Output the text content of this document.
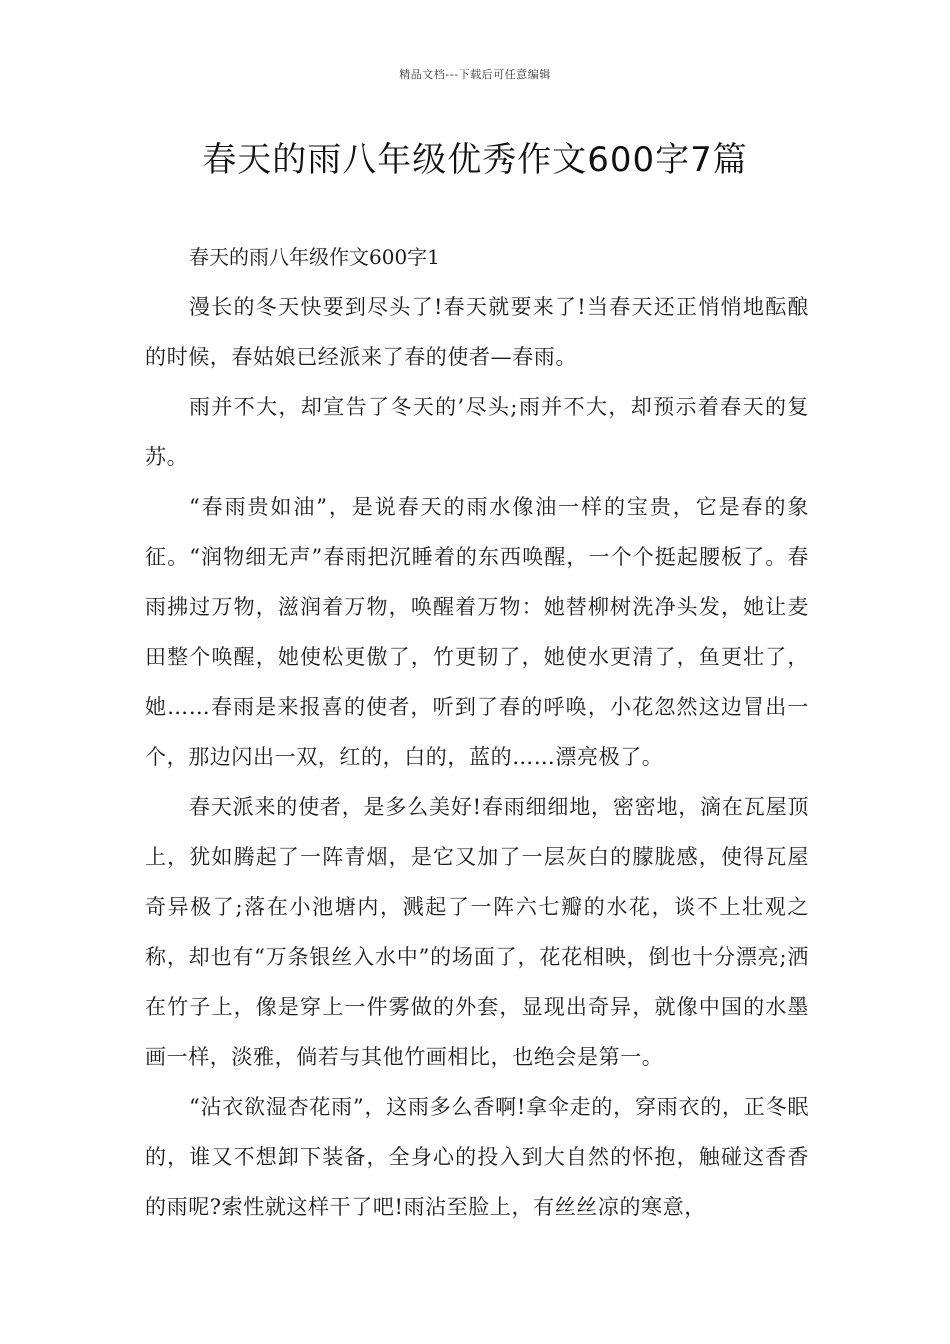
精品文档---下载后可任意编辑
春天的雨八年级优秀作文600字7篇

春天的雨八年级作文600字1

漫长的冬天快要到尽头了!春天就要来了!当春天还正悄悄地酝酿的时候，春姑娘已经派来了春的使者—春雨。

雨并不大，却宣告了冬天的’尽头;雨并不大，却预示着春天的复苏。

“春雨贵如油”，是说春天的雨水像油一样的宝贵，它是春的象征。“润物细无声”春雨把沉睡着的东西唤醒，一个个挺起腰板了。春雨拂过万物，滋润着万物，唤醒着万物：她替柳树洗净头发，她让麦田整个唤醒，她使松更傲了，竹更韧了，她使水更清了，鱼更壮了，她……春雨是来报喜的使者，听到了春的呼唤，小花忽然这边冒出一个，那边闪出一双，红的，白的，蓝的……漂亮极了。

春天派来的使者，是多么美好!春雨细细地，密密地，滴在瓦屋顶上，犹如腾起了一阵青烟，是它又加了一层灰白的朦胧感，使得瓦屋奇异极了;落在小池塘内，溅起了一阵六七瓣的水花，谈不上壮观之称，却也有“万条银丝入水中”的场面了，花花相映，倒也十分漂亮;洒在竹子上，像是穿上一件雾做的外套，显现出奇异，就像中国的水墨画一样，淡雅，倘若与其他竹画相比，也绝会是第一。

“沾衣欲湿杏花雨”，这雨多么香啊!拿伞走的，穿雨衣的，正冬眠的，谁又不想卸下装备，全身心的投入到大自然的怀抱，触碰这香香的雨呢?索性就这样干了吧!雨沾至脸上，有丝丝凉的寒意，
